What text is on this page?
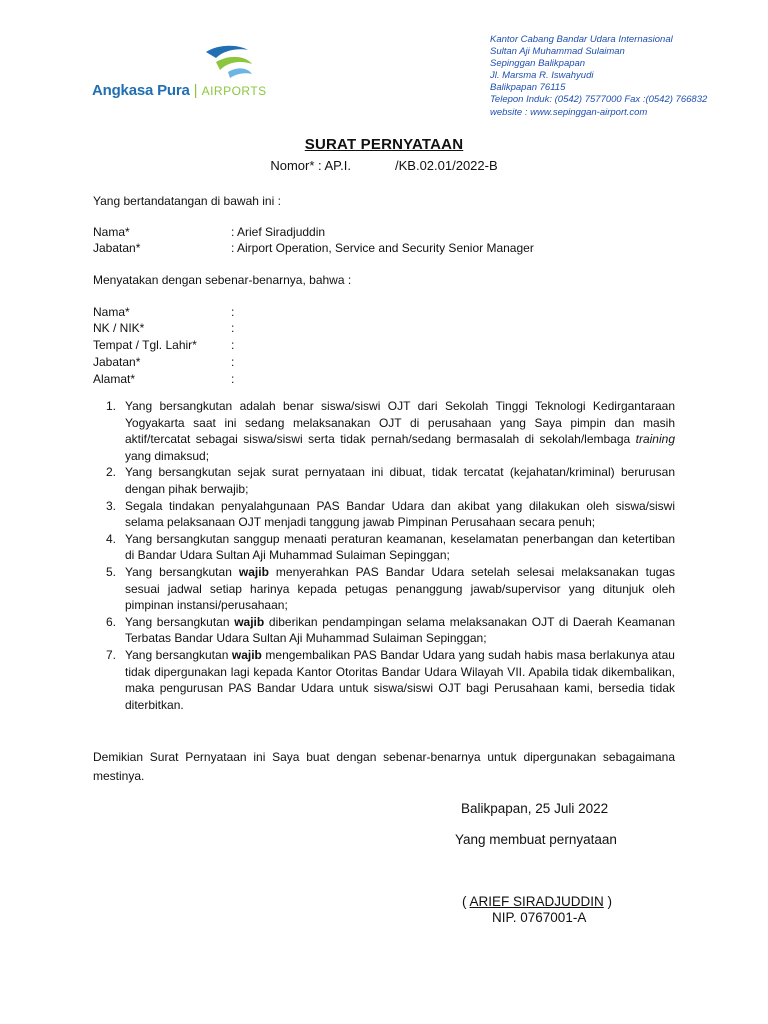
Angkasa Pura | AIRPORTS
Kantor Cabang Bandar Udara Internasional
Sultan Aji Muhammad Sulaiman
Sepinggan Balikpapan
Jl. Marsma R. Iswahyudi
Balikpapan 76115
Telepon Induk: (0542) 7577000 Fax :(0542) 766832
website : www.sepinggan-airport.com
SURAT PERNYATAAN
Nomor* : AP.I.	/KB.02.01/2022-B
Yang bertandatangan di bawah ini :
Nama*	: Arief Siradjuddin
Jabatan*	: Airport Operation, Service and Security Senior Manager
Menyatakan dengan sebenar-benarnya, bahwa :
Nama*	:
NK / NIK*	:
Tempat / Tgl. Lahir*	:
Jabatan*	:
Alamat*	:
1. Yang bersangkutan adalah benar siswa/siswi OJT dari Sekolah Tinggi Teknologi Kedirgantaraan Yogyakarta saat ini sedang melaksanakan OJT di perusahaan yang Saya pimpin dan masih aktif/tercatat sebagai siswa/siswi serta tidak pernah/sedang bermasalah di sekolah/lembaga training yang dimaksud;
2. Yang bersangkutan sejak surat pernyataan ini dibuat, tidak tercatat (kejahatan/kriminal) berurusan dengan pihak berwajib;
3. Segala tindakan penyalahgunaan PAS Bandar Udara dan akibat yang dilakukan oleh siswa/siswi selama pelaksanaan OJT menjadi tanggung jawab Pimpinan Perusahaan secara penuh;
4. Yang bersangkutan sanggup menaati peraturan keamanan, keselamatan penerbangan dan ketertiban di Bandar Udara Sultan Aji Muhammad Sulaiman Sepinggan;
5. Yang bersangkutan wajib menyerahkan PAS Bandar Udara setelah selesai melaksanakan tugas sesuai jadwal setiap harinya kepada petugas penanggung jawab/supervisor yang ditunjuk oleh pimpinan instansi/perusahaan;
6. Yang bersangkutan wajib diberikan pendampingan selama melaksanakan OJT di Daerah Keamanan Terbatas Bandar Udara Sultan Aji Muhammad Sulaiman Sepinggan;
7. Yang bersangkutan wajib mengembalikan PAS Bandar Udara yang sudah habis masa berlakunya atau tidak dipergunakan lagi kepada Kantor Otoritas Bandar Udara Wilayah VII. Apabila tidak dikembalikan, maka pengurusan PAS Bandar Udara untuk siswa/siswi OJT bagi Perusahaan kami, bersedia tidak diterbitkan.
Demikian Surat Pernyataan ini Saya buat dengan sebenar-benarnya untuk dipergunakan sebagaimana mestinya.
Balikpapan, 25 Juli 2022
Yang membuat pernyataan
( ARIEF SIRADJUDDIN )
NIP. 0767001-A
